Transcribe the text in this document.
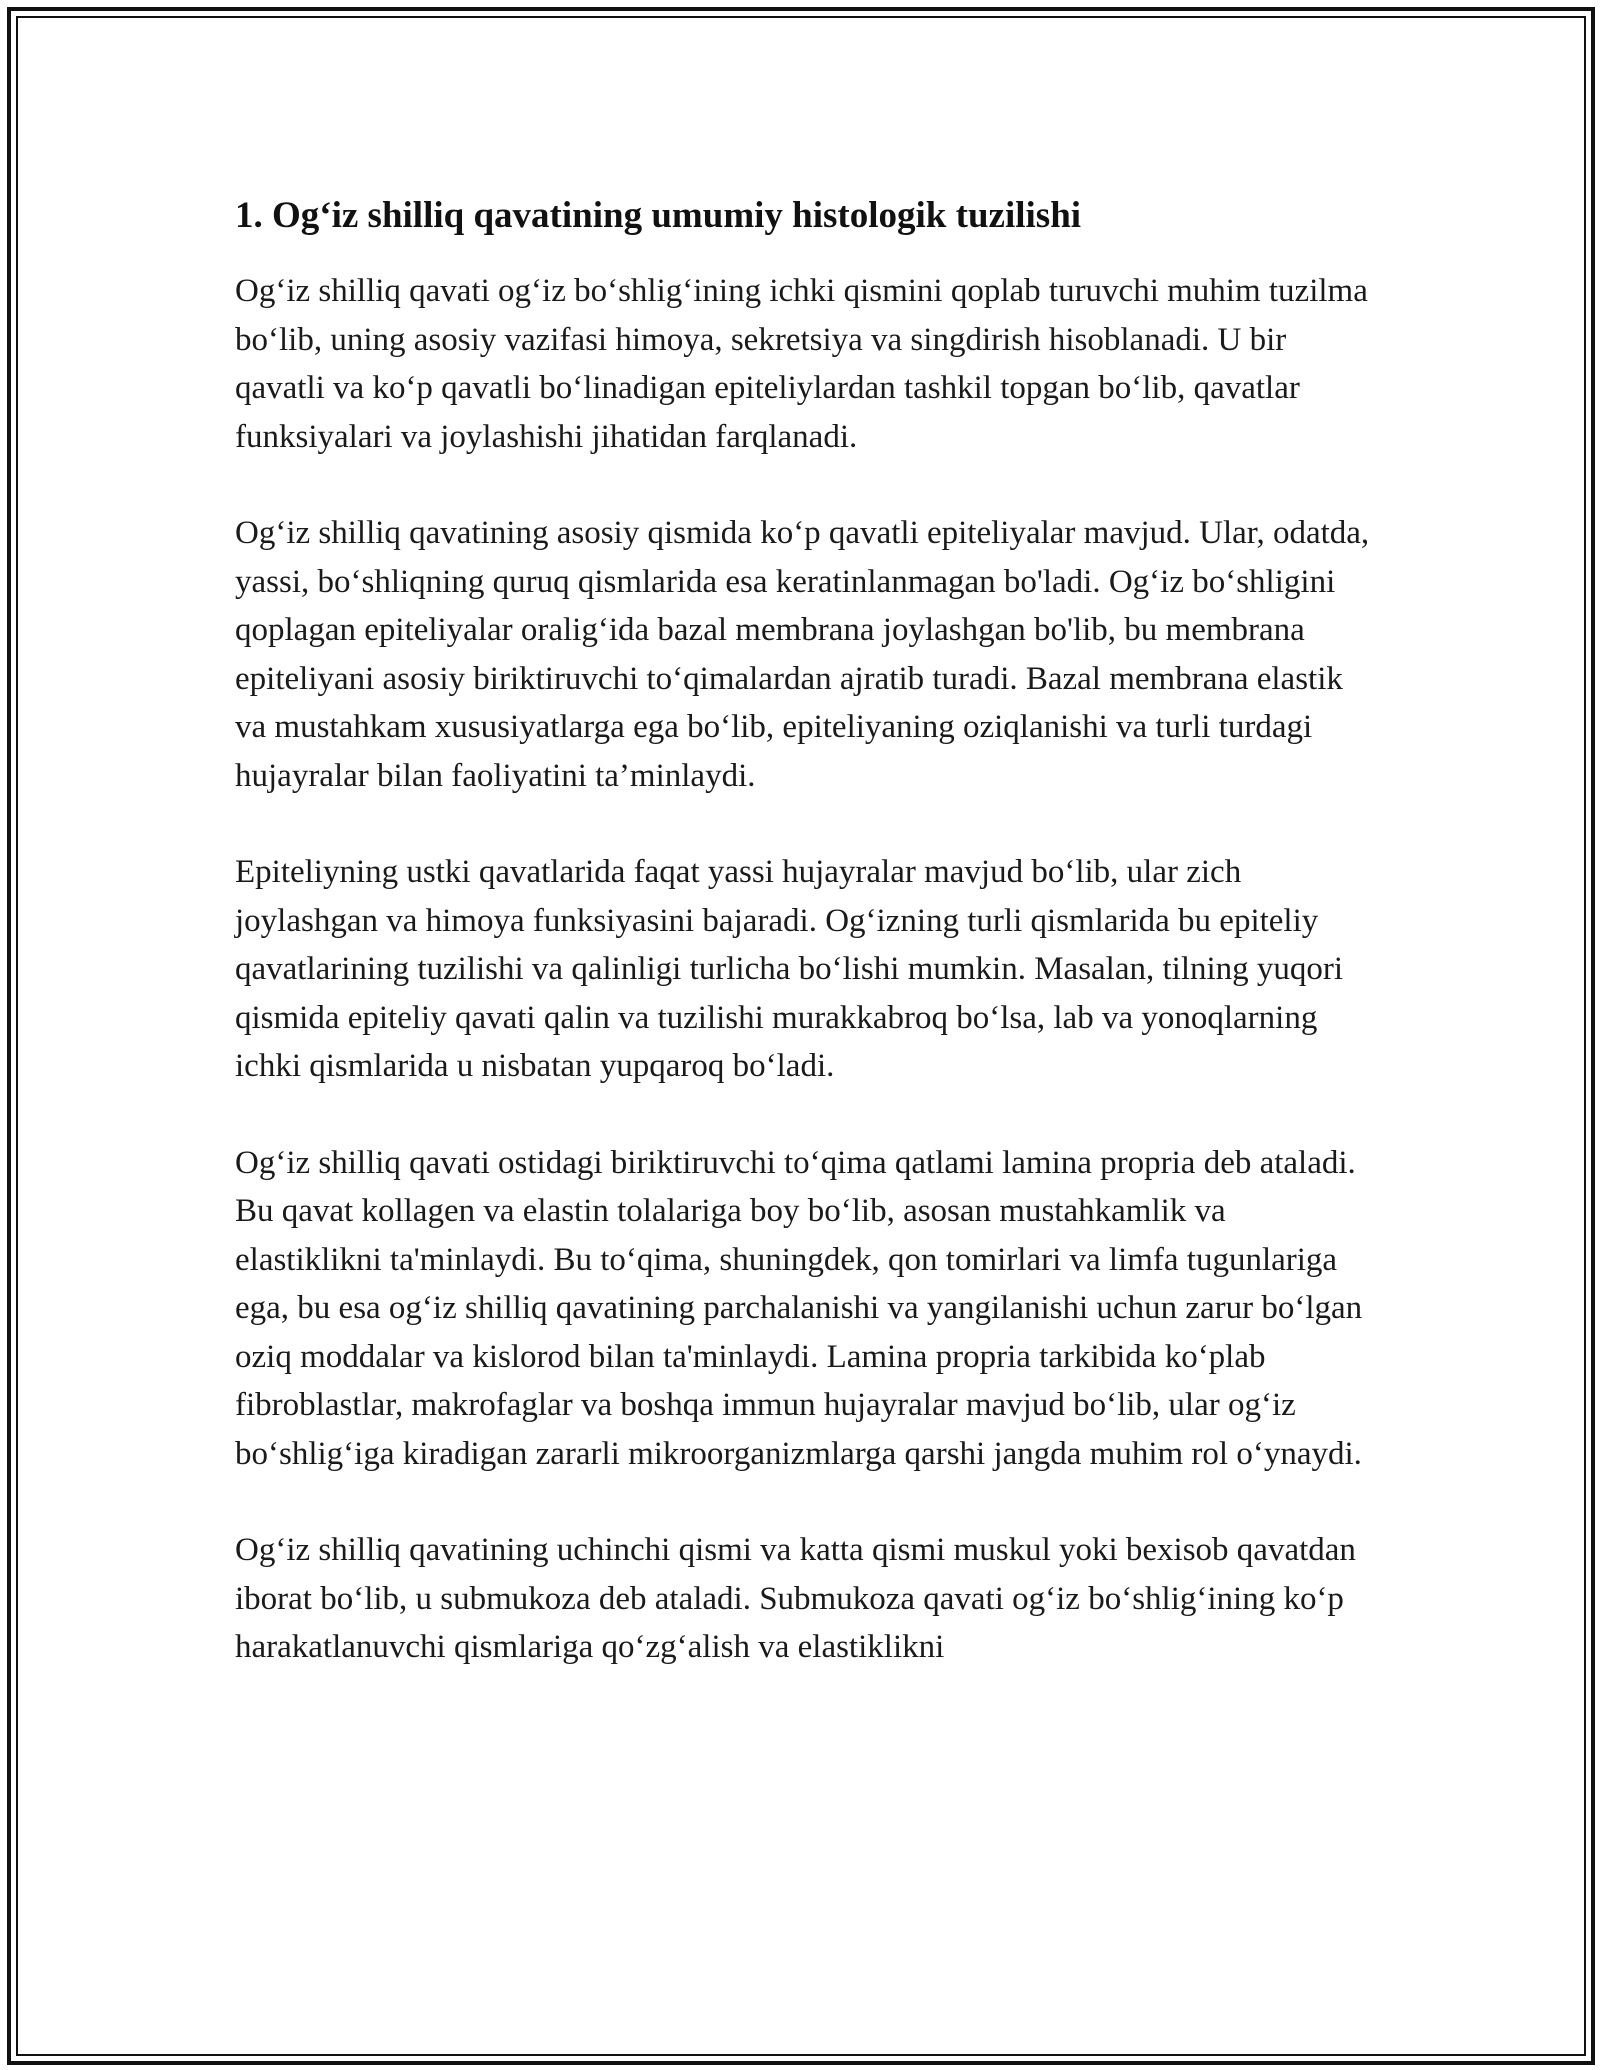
1. Og‘iz shilliq qavatining umumiy histologik tuzilishi

Og‘iz shilliq qavati og‘iz bo‘shlig‘ining ichki qismini qoplab turuvchi muhim tuzilma bo‘lib, uning asosiy vazifasi himoya, sekretsiya va singdirish hisoblanadi. U bir qavatli va ko‘p qavatli bo‘linadigan epiteliylardan tashkil topgan bo‘lib, qavatlar funksiyalari va joylashishi jihatidan farqlanadi.

Og‘iz shilliq qavatining asosiy qismida ko‘p qavatli epiteliyalar mavjud. Ular, odatda, yassi, bo‘shliqning quruq qismlarida esa keratinlanmagan bo'ladi. Og‘iz bo‘shligini qoplagan epiteliyalar oralig‘ida bazal membrana joylashgan bo'lib, bu membrana epiteliyani asosiy biriktiruvchi to‘qimalardan ajratib turadi. Bazal membrana elastik va mustahkam xususiyatlarga ega bo‘lib, epiteliyaning oziqlanishi va turli turdagi hujayralar bilan faoliyatini ta’minlaydi.

Epiteliyning ustki qavatlarida faqat yassi hujayralar mavjud bo‘lib, ular zich joylashgan va himoya funksiyasini bajaradi. Og‘izning turli qismlarida bu epiteliy qavatlarining tuzilishi va qalinligi turlicha bo‘lishi mumkin. Masalan, tilning yuqori qismida epiteliy qavati qalin va tuzilishi murakkabroq bo‘lsa, lab va yonoqlarning ichki qismlarida u nisbatan yupqaroq bo‘ladi.

Og‘iz shilliq qavati ostidagi biriktiruvchi to‘qima qatlami lamina propria deb ataladi. Bu qavat kollagen va elastin tolalariga boy bo‘lib, asosan mustahkamlik va elastiklikni ta'minlaydi. Bu to‘qima, shuningdek, qon tomirlari va limfa tugunlariga ega, bu esa og‘iz shilliq qavatining parchalanishi va yangilanishi uchun zarur bo‘lgan oziq moddalar va kislorod bilan ta'minlaydi. Lamina propria tarkibida ko‘plab fibroblastlar, makrofaglar va boshqa immun hujayralar mavjud bo‘lib, ular og‘iz bo‘shlig‘iga kiradigan zararli mikroorganizmlarga qarshi jangda muhim rol o‘ynaydi.

Og‘iz shilliq qavatining uchinchi qismi va katta qismi muskul yoki bexisob qavatdan iborat bo‘lib, u submukoza deb ataladi. Submukoza qavati og‘iz bo‘shlig‘ining ko‘p harakatlanuvchi qismlariga qo‘zg‘alish va elastiklikni
